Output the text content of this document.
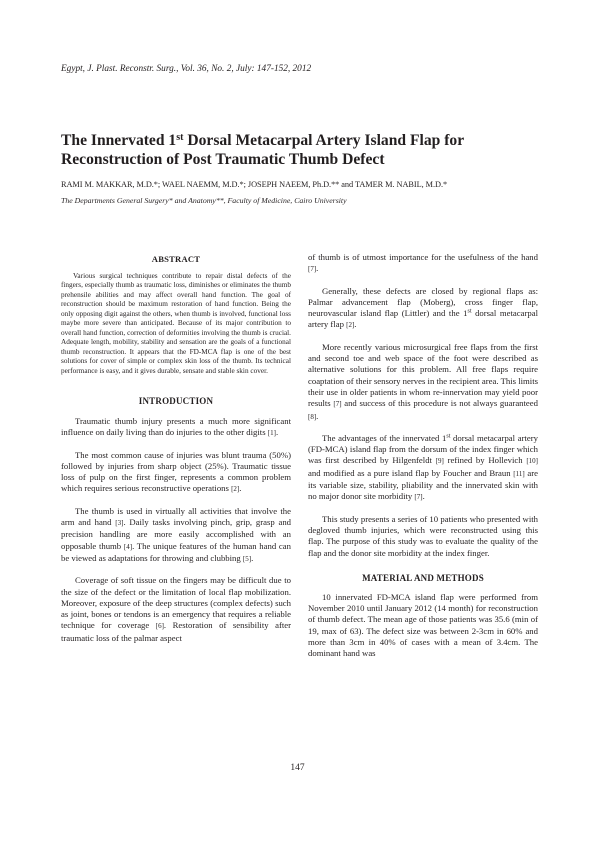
Egypt, J. Plast. Reconstr. Surg., Vol. 36, No. 2, July: 147-152, 2012
The Innervated 1st Dorsal Metacarpal Artery Island Flap for
Reconstruction of Post Traumatic Thumb Defect
RAMI M. MAKKAR, M.D.*; WAEL NAEMM, M.D.*; JOSEPH NAEEM, Ph.D.** and TAMER M. NABIL, M.D.*
The Departments General Surgery* and Anatomy**, Faculty of Medicine, Cairo University
ABSTRACT
Various surgical techniques contribute to repair distal defects of the fingers, especially thumb as traumatic loss, diminishes or eliminates the thumb prehensile abilities and may affect overall hand function. The goal of reconstruction should be maximum restoration of hand function. Being the only opposing digit against the others, when thumb is involved, functional loss maybe more severe than anticipated. Because of its major contribution to overall hand function, correction of deformities involving the thumb is crucial. Adequate length, mobility, stability and sensation are the goals of a functional thumb reconstruction. It appears that the FD-MCA flap is one of the best solutions for cover of simple or complex skin loss of the thumb. Its technical performance is easy, and it gives durable, sensate and stable skin cover.
INTRODUCTION

Traumatic thumb injury presents a much more significant influence on daily living than do injuries to the other digits [1].

The most common cause of injuries was blunt trauma (50%) followed by injuries from sharp object (25%). Traumatic tissue loss of pulp on the first finger, represents a common problem which requires serious reconstructive operations [2].

The thumb is used in virtually all activities that involve the arm and hand [3]. Daily tasks involving pinch, grip, grasp and precision handling are more easily accomplished with an opposable thumb [4]. The unique features of the human hand can be viewed as adaptations for throwing and clubbing [5].

Coverage of soft tissue on the fingers may be difficult due to the size of the defect or the limitation of local flap mobilization. Moreover, exposure of the deep structures (complex defects) such as joint, bones or tendons is an emergency that requires a reliable technique for coverage [6]. Restoration of sensibility after traumatic loss of the palmar aspect

of thumb is of utmost importance for the usefulness of the hand [7].

Generally, these defects are closed by regional flaps as: Palmar advancement flap (Moberg), cross finger flap, neurovascular island flap (Littler) and the 1st dorsal metacarpal artery flap [2].

More recently various microsurgical free flaps from the first and second toe and web space of the foot were described as alternative solutions for this problem. All free flaps require coaptation of their sensory nerves in the recipient area. This limits their use in older patients in whom re-innervation may yield poor results [7] and success of this procedure is not always guaranteed [8].

The advantages of the innervated 1st dorsal metacarpal artery (FD-MCA) island flap from the dorsum of the index finger which was first described by Hilgenfeldt [9] refined by Hollevich [10] and modified as a pure island flap by Foucher and Braun [11] are its variable size, stability, pliability and the innervated skin with no major donor site morbidity [7].

This study presents a series of 10 patients who presented with degloved thumb injuries, which were reconstructed using this flap. The purpose of this study was to evaluate the quality of the flap and the donor site morbidity at the index finger.

MATERIAL AND METHODS

10 innervated FD-MCA island flap were performed from November 2010 until January 2012 (14 month) for reconstruction of thumb defect. The mean age of those patients was 35.6 (min of 19, max of 63). The defect size was between 2-3cm in 60% and more than 3cm in 40% of cases with a mean of 3.4cm. The dominant hand was

147
